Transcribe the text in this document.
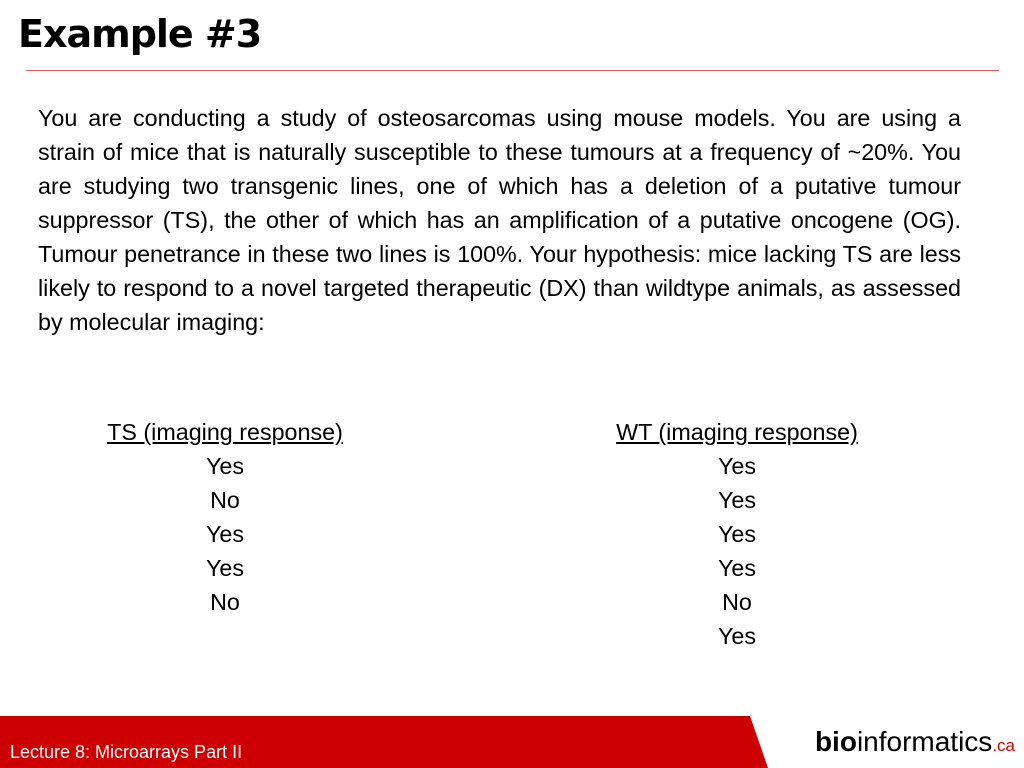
Example #3

You are conducting a study of osteosarcomas using mouse models. You are using a strain of mice that is naturally susceptible to these tumours at a frequency of ~20%. You are studying two transgenic lines, one of which has a deletion of a putative tumour suppressor (TS), the other of which has an amplification of a putative oncogene (OG). Tumour penetrance in these two lines is 100%. Your hypothesis: mice lacking TS are less likely to respond to a novel targeted therapeutic (DX) than wildtype animals, as assessed by molecular imaging:

TS (imaging response)
Yes
No
Yes
Yes
No
WT (imaging response)
Yes
Yes
Yes
Yes
No
Yes
Lecture 8: Microarrays Part II	bioinformatics.ca
